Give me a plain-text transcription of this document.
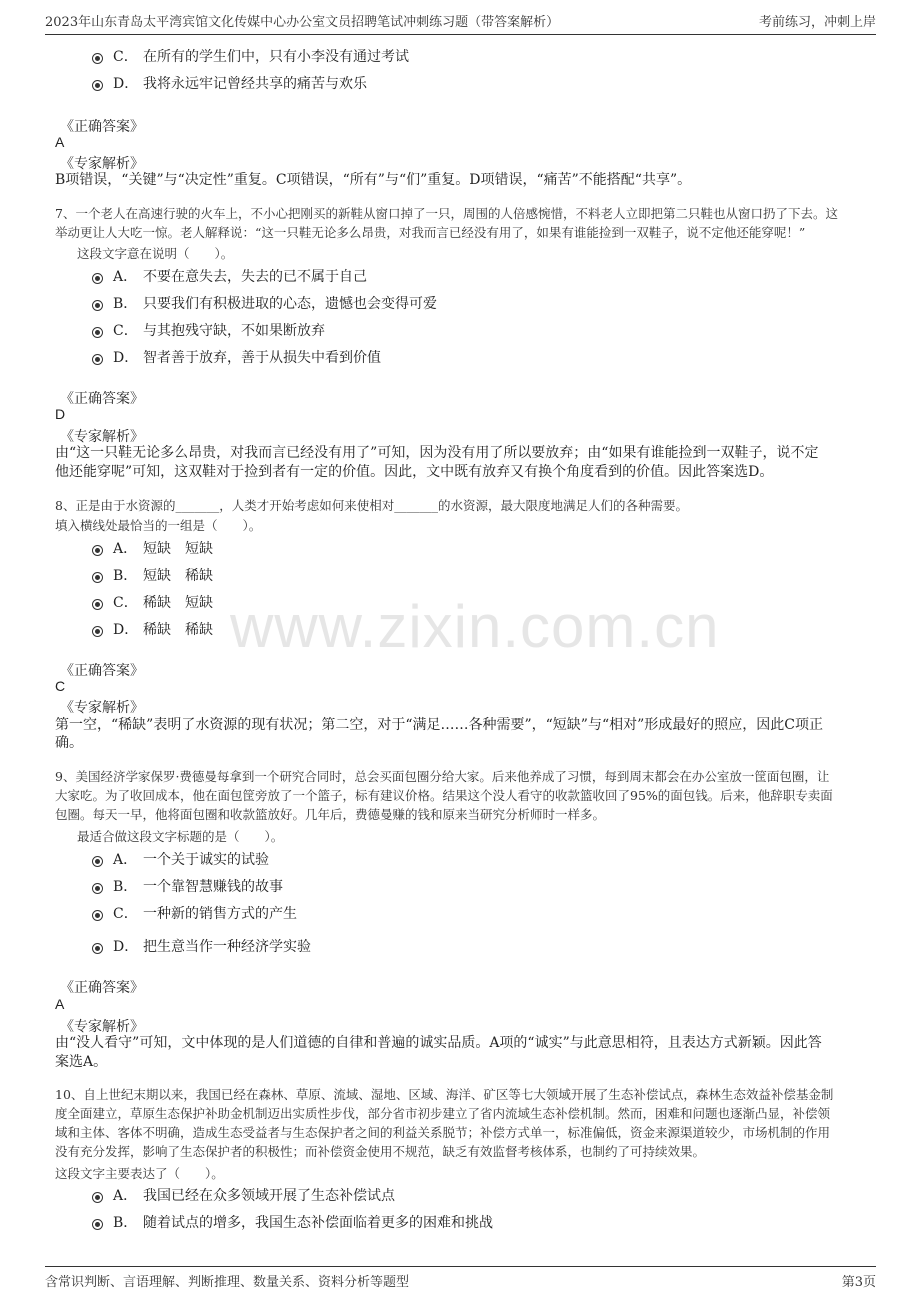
2023年山东青岛太平湾宾馆文化传媒中心办公室文员招聘笔试冲刺练习题（带答案解析）	考前练习，冲刺上岸
www.zixin.com.cn
C． 在所有的学生们中，只有小李没有通过考试
D． 我将永远牢记曾经共享的痛苦与欢乐
《正确答案》
A
《专家解析》
B项错误，“关键”与“决定性”重复。C项错误，“所有”与“们”重复。D项错误，“痛苦”不能搭配“共享”。
7、一个老人在高速行驶的火车上，不小心把刚买的新鞋从窗口掉了一只，周围的人倍感惋惜，不料老人立即把第二只鞋也从窗口扔了下去。这
举动更让人大吃一惊。老人解释说：“这一只鞋无论多么昂贵，对我而言已经没有用了，如果有谁能捡到一双鞋子，说不定他还能穿呢！”
这段文字意在说明（　　）。
A． 不要在意失去，失去的已不属于自己
B． 只要我们有积极进取的心态，遗憾也会变得可爱
C． 与其抱残守缺，不如果断放弃
D． 智者善于放弃，善于从损失中看到价值
《正确答案》
D
《专家解析》
由“这一只鞋无论多么昂贵，对我而言已经没有用了”可知，因为没有用了所以要放弃；由“如果有谁能捡到一双鞋子，说不定
他还能穿呢”可知，这双鞋对于捡到者有一定的价值。因此，文中既有放弃又有换个角度看到的价值。因此答案选D。
8、正是由于水资源的_______，人类才开始考虑如何来使相对_______的水资源，最大限度地满足人们的各种需要。
填入横线处最恰当的一组是（　　）。
A． 短缺　短缺
B． 短缺　稀缺
C． 稀缺　短缺
D． 稀缺　稀缺
《正确答案》
C
《专家解析》
第一空，“稀缺”表明了水资源的现有状况；第二空，对于“满足……各种需要”，“短缺”与“相对”形成最好的照应，因此C项正
确。
9、美国经济学家保罗·费德曼每拿到一个研究合同时，总会买面包圈分给大家。后来他养成了习惯，每到周末都会在办公室放一筐面包圈，让
大家吃。为了收回成本，他在面包筐旁放了一个篮子，标有建议价格。结果这个没人看守的收款篮收回了95%的面包钱。后来，他辞职专卖面
包圈。每天一早，他将面包圈和收款篮放好。几年后，费德曼赚的钱和原来当研究分析师时一样多。
最适合做这段文字标题的是（　　）。
A． 一个关于诚实的试验
B． 一个靠智慧赚钱的故事
C． 一种新的销售方式的产生
D． 把生意当作一种经济学实验
《正确答案》
A
《专家解析》
由“没人看守”可知，文中体现的是人们道德的自律和普遍的诚实品质。A项的“诚实”与此意思相符，且表达方式新颖。因此答
案选A。
10、自上世纪末期以来，我国已经在森林、草原、流域、湿地、区域、海洋、矿区等七大领域开展了生态补偿试点，森林生态效益补偿基金制
度全面建立，草原生态保护补助金机制迈出实质性步伐，部分省市初步建立了省内流域生态补偿机制。然而，困难和问题也逐渐凸显，补偿领
域和主体、客体不明确，造成生态受益者与生态保护者之间的利益关系脱节；补偿方式单一，标准偏低，资金来源渠道较少，市场机制的作用
没有充分发挥，影响了生态保护者的积极性；而补偿资金使用不规范，缺乏有效监督考核体系，也制约了可持续效果。
这段文字主要表达了（　　）。
A． 我国已经在众多领域开展了生态补偿试点
B． 随着试点的增多，我国生态补偿面临着更多的困难和挑战
含常识判断、言语理解、判断推理、数量关系、资料分析等题型	第3页
